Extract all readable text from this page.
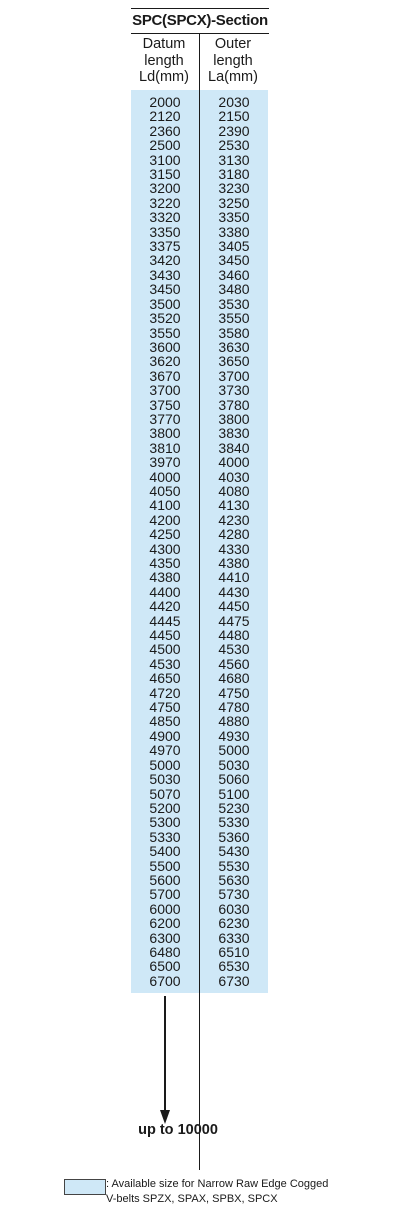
SPC(SPCX)-Section
Datum
length
Ld(mm)
Outer
length
La(mm)
2000
2120
2360
2500
3100
3150
3200
3220
3320
3350
3375
3420
3430
3450
3500
3520
3550
3600
3620
3670
3700
3750
3770
3800
3810
3970
4000
4050
4100
4200
4250
4300
4350
4380
4400
4420
4445
4450
4500
4530
4650
4720
4750
4850
4900
4970
5000
5030
5070
5200
5300
5330
5400
5500
5600
5700
6000
6200
6300
6480
6500
6700
2030
2150
2390
2530
3130
3180
3230
3250
3350
3380
3405
3450
3460
3480
3530
3550
3580
3630
3650
3700
3730
3780
3800
3830
3840
4000
4030
4080
4130
4230
4280
4330
4380
4410
4430
4450
4475
4480
4530
4560
4680
4750
4780
4880
4930
5000
5030
5060
5100
5230
5330
5360
5430
5530
5630
5730
6030
6230
6330
6510
6530
6730
up to 10000
: Available size for Narrow Raw Edge Cogged
V-belts SPZX, SPAX, SPBX, SPCX
